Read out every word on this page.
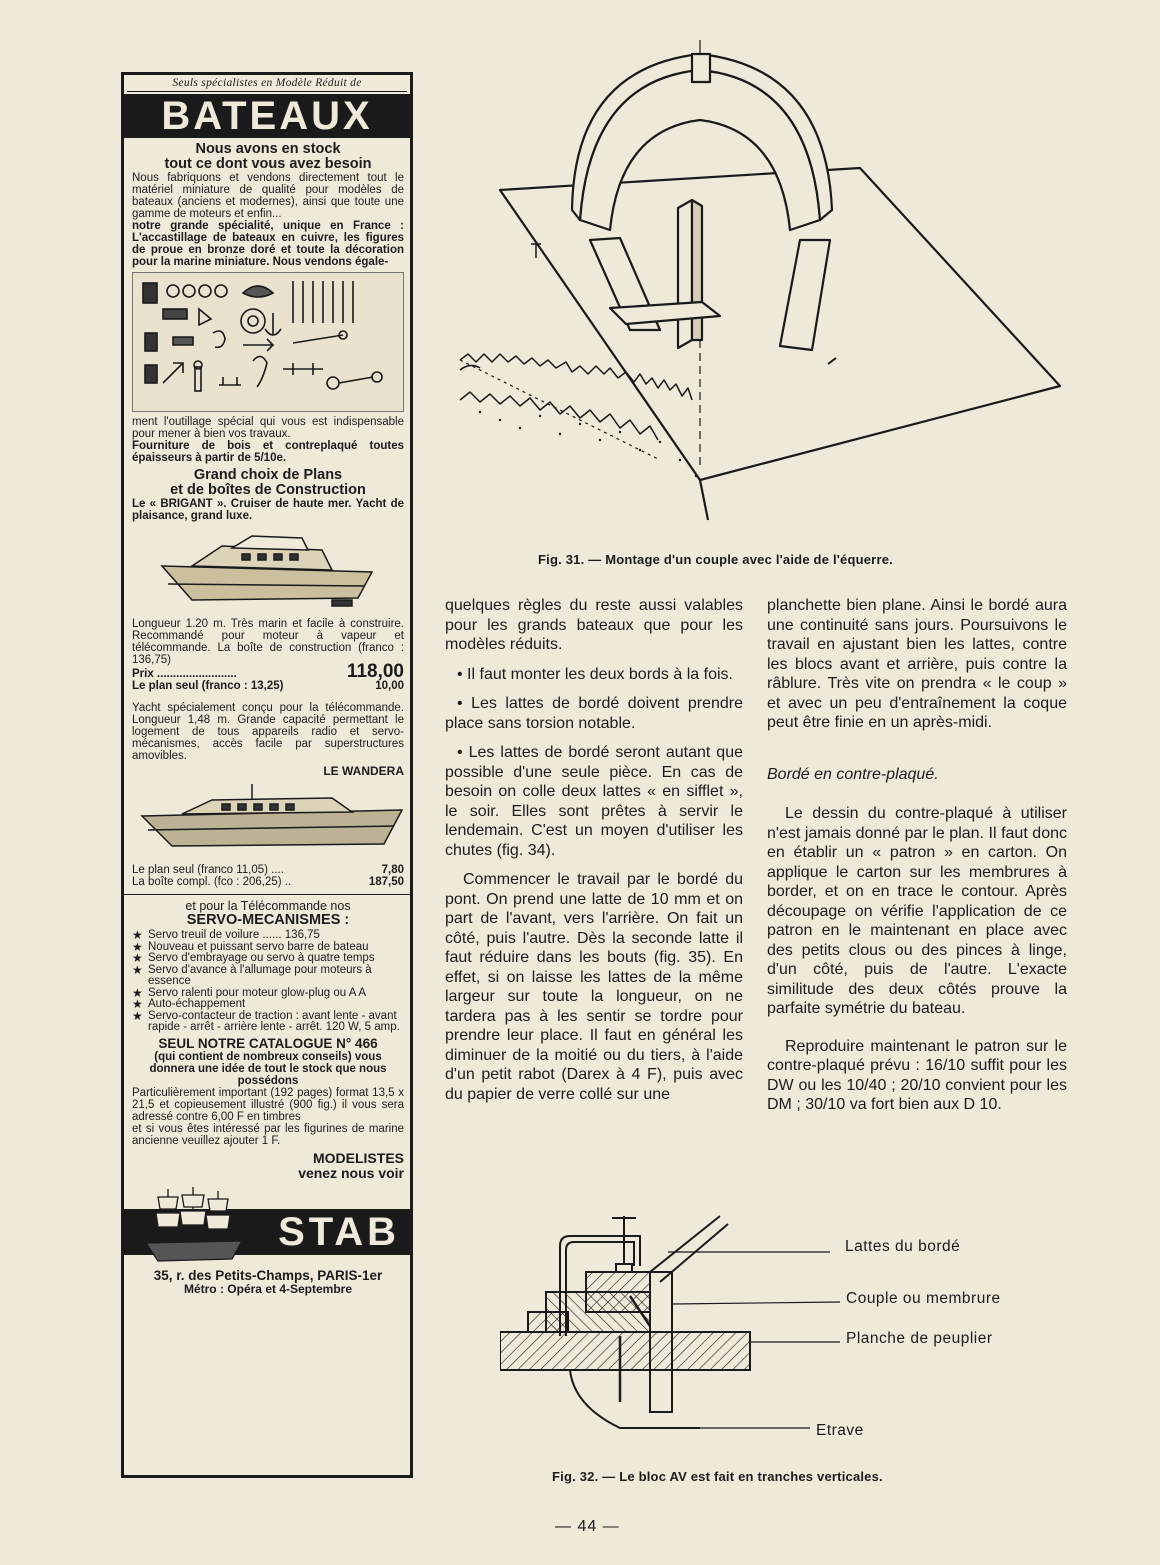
Seuls spécialistes en Modèle Réduit de
BATEAUX
Nous avons en stock
tout ce dont vous avez besoin

Nous fabriquons et vendons directement tout le matériel miniature de qualité pour modèles de bateaux (anciens et modernes), ainsi que toute une gamme de moteurs et enfin...

notre grande spécialité, unique en France : L'accastillage de bateaux en cuivre, les figures de proue en bronze doré et toute la décoration pour la marine miniature. Nous vendons égale-

ment l'outillage spécial qui vous est indispensable pour mener à bien vos travaux.

Fourniture de bois et contreplaqué toutes épaisseurs à partir de 5/10e.

Grand choix de Plans
et de boîtes de Construction

Le « BRIGANT ». Cruiser de haute mer. Yacht de plaisance, grand luxe.

Longueur 1.20 m. Très marin et facile à construire. Recommandé pour moteur à vapeur et télécommande. La boîte de construction (franco : 136,75)

Prix .........................	118,00
Le plan seul (franco : 13,25)	10,00

Yacht spécialement conçu pour la télécommande. Longueur 1,48 m. Grande capacité permettant le logement de tous appareils radio et servo-mécanismes, accès facile par superstructures amovibles.

LE WANDERA
Le plan seul (franco 11,05) ....	7,80
La boîte compl. (fco : 206,25) ..	187,50
et pour la Télécommande nos
SERVO-MECANISMES :
★ Servo treuil de voilure ...... 136,75
★ Nouveau et puissant servo barre de bateau
★ Servo d'embrayage ou servo à quatre temps
★ Servo d'avance à l'allumage pour moteurs à essence
★ Servo ralenti pour moteur glow-plug ou A A
★ Auto-échappement
★ Servo-contacteur de traction : avant lente - avant rapide - arrêt - arrière lente - arrêt. 120 W, 5 amp.
SEUL NOTRE CATALOGUE N° 466

(qui contient de nombreux conseils) vous donnera une idée de tout le stock que nous possédons

Particulièrement important (192 pages) format 13,5 x 21,5 et copieusement illustré (900 fig.) il vous sera adressé contre 6,00 F en timbres

et si vous êtes intéressé par les figurines de marine ancienne veuillez ajouter 1 F.

MODELISTES
venez nous voir
STAB
35, r. des Petits-Champs, PARIS-1er
Métro : Opéra et 4-Septembre
Fig. 31. — Montage d'un couple avec l'aide de l'équerre.

quelques règles du reste aussi valables pour les grands bateaux que pour les modèles réduits.

• Il faut monter les deux bords à la fois.

• Les lattes de bordé doivent prendre place sans torsion notable.

• Les lattes de bordé seront autant que possible d'une seule pièce. En cas de besoin on colle deux lattes « en sifflet », le soir. Elles sont prêtes à servir le lendemain. C'est un moyen d'utiliser les chutes (fig. 34).

Commencer le travail par le bordé du pont. On prend une latte de 10 mm et on part de l'avant, vers l'arrière. On fait un côté, puis l'autre. Dès la seconde latte il faut réduire dans les bouts (fig. 35). En effet, si on laisse les lattes de la même largeur sur toute la longueur, on ne tardera pas à les sentir se tordre pour prendre leur place. Il faut en général les diminuer de la moitié ou du tiers, à l'aide d'un petit rabot (Darex à 4 F), puis avec du papier de verre collé sur une

planchette bien plane. Ainsi le bordé aura une continuité sans jours. Poursuivons le travail en ajustant bien les lattes, contre les blocs avant et arrière, puis contre la râblure. Très vite on prendra « le coup » et avec un peu d'entraînement la coque peut être finie en un après-midi.

Bordé en contre-plaqué.

Le dessin du contre-plaqué à utiliser n'est jamais donné par le plan. Il faut donc en établir un « patron » en carton. On applique le carton sur les membrures à border, et on en trace le contour. Après découpage on vérifie l'application de ce patron en le maintenant en place avec des petits clous ou des pinces à linge, d'un côté, puis de l'autre. L'exacte similitude des deux côtés prouve la parfaite symétrie du bateau.

Reproduire maintenant le patron sur le contre-plaqué prévu : 16/10 suffit pour les DW ou les 10/40 ; 20/10 convient pour les DM ; 30/10 va fort bien aux D 10.

Lattes du bordé
Couple ou membrure
Planche de peuplier
Etrave
Fig. 32. — Le bloc AV est fait en tranches verticales.
— 44 —
